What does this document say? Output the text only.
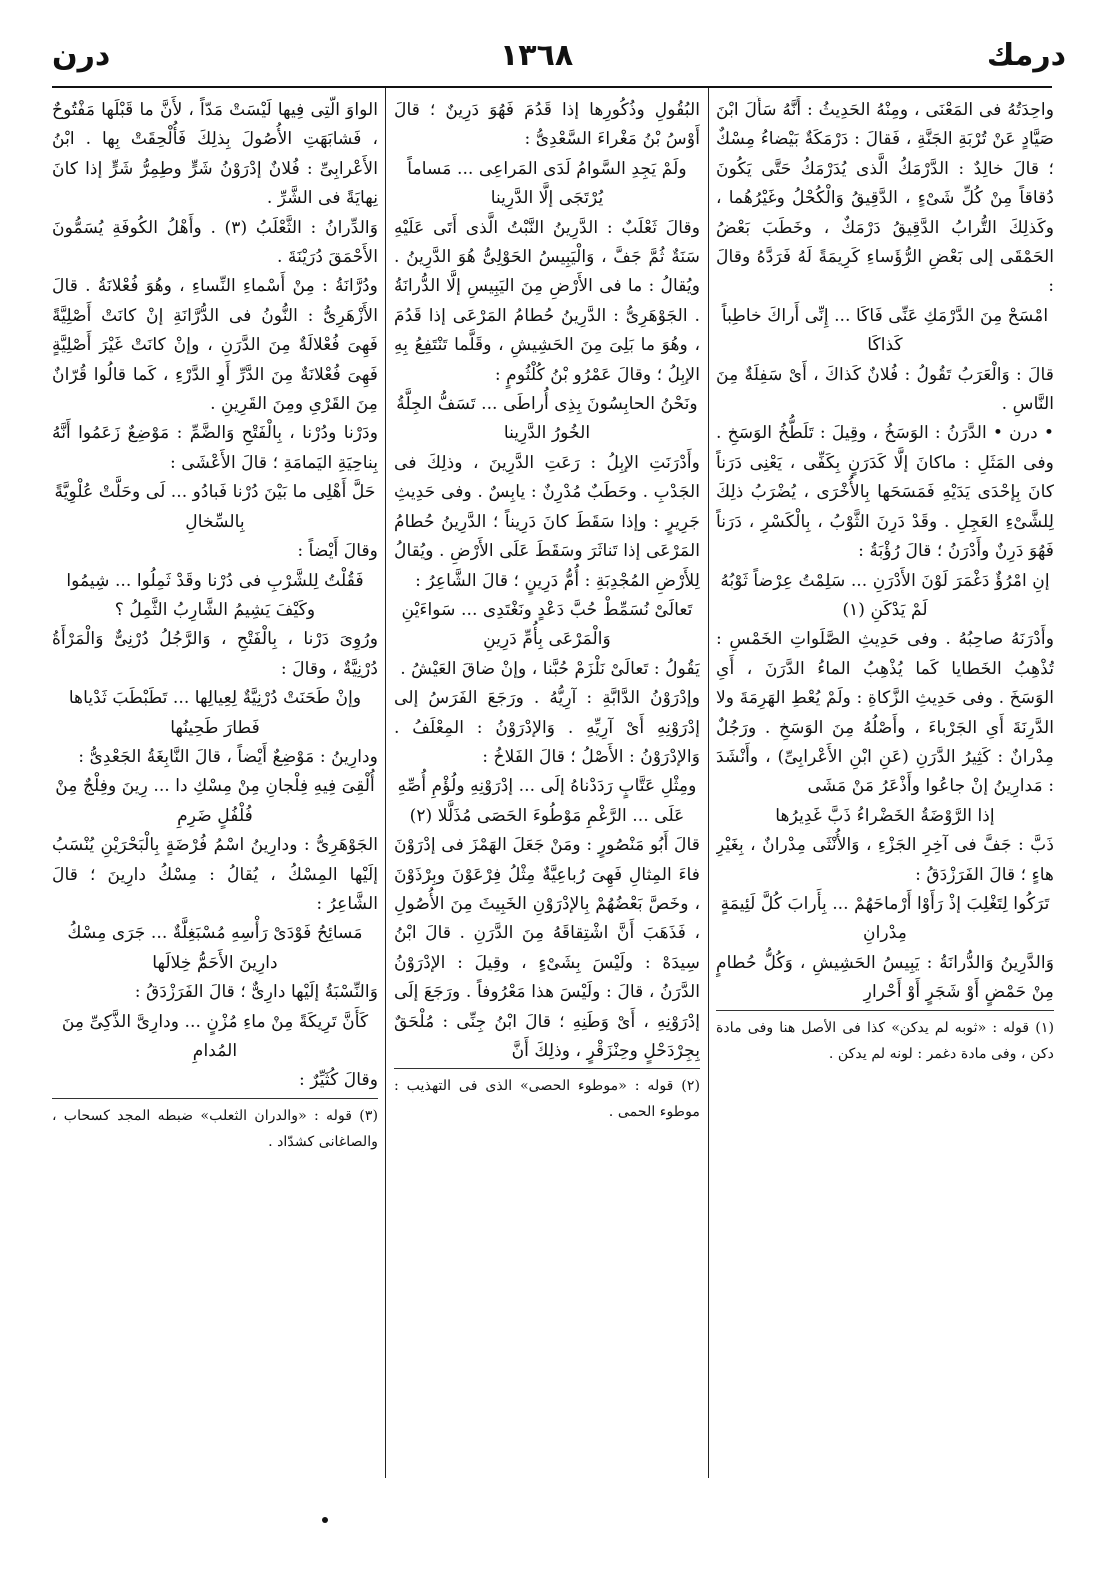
درن	١٣٦٨	درمك

واحِدَتُهُ فى المَعْنَى ، ومِنْهُ الحَدِيثُ : أَنَّهُ سَأَلَ ابْنَ صَيَّادٍ عَنْ تُرْبَةِ الجَنَّةِ ، فَقالَ : دَرْمَكَةٌ بَيْضاءُ مِسْكٌ ؛ قالَ خالِدٌ : الدَّرْمَكُ الَّذى يُدَرْمَكُ حَتَّى يَكُونَ دُقاقاً مِنْ كُلِّ شَىْءٍ ، الدَّقِيقُ وَالْكُحْلُ وغَيْرُهُما ، وكَذلِكَ التُّرابُ الدَّقِيقُ دَرْمَكٌ ، وخَطَبَ بَعْضُ الحَمْقَى إلى بَعْضِ الرُّؤَساءِ كَرِيمَةً لَهُ فَرَدَّهُ وقالَ :

امْسَحْ مِنَ الدَّرْمَكِ عَنِّى فَاكَا ... إِنِّى أَراكَ خاطِباً كَذاكَا

قالَ : وَالْعَرَبُ تَقُولُ : فُلانٌ كَذاكَ ، أَىْ سَفِلَةٌ مِنَ النَّاسِ .

• درن • الدَّرَنُ : الوَسَخُ ، وقِيلَ : تَلَطُّخُ الوَسَخِ . وفى المَثَلِ : ماكانَ إلَّا كَدَرَنٍ بِكَفِّى ، يَعْنِى دَرَناً كانَ بِإحْدَى يَدَيْهِ فَمَسَحَها بِالأُخْرَى ، يُضْرَبُ ذلِكَ لِلشَّىْءِ العَجِلِ . وقَدْ دَرِنَ الثَّوْبُ ، بِالْكَسْرِ ، دَرَناً فَهُوَ دَرِنٌ وأَدْرَنُ ؛ قالَ رُؤْبَةُ :

إنِ امْرُؤٌ دَغْمَرَ لَوْنَ الأَدْرَنِ ... سَلِمْتُ عِرْضاً ثَوْبُهُ لَمْ يَدْكَنِ (١)

وأَدْرَنَهُ صاحِبُهُ . وفى حَدِيثِ الصَّلَواتِ الخَمْسِ : تُذْهِبُ الخَطايا كَما يُذْهِبُ الماءُ الدَّرَنَ ، أَىِ الوَسَخَ . وفى حَدِيثِ الزَّكاةِ : ولَمْ يُعْطِ الهَرِمَةَ ولا الدَّرِنَةَ أَىِ الجَرْباءَ ، وأَصْلُهُ مِنَ الوَسَخِ . ورَجُلٌ مِدْرانٌ : كَثِيرُ الدَّرَنِ (عَنِ ابْنِ الأَعْرابِىِّ) ، وأَنْشَدَ : مَدارِينُ إنْ جاعُوا وأَذْعَرُ مَنْ مَشَى

إذا الرَّوْضَةُ الخَضْراءُ ذَبَّ غَدِيرُها

ذَبَّ : جَفَّ فى آخِرِ الجَزْءِ ، وَالأُنْثَى مِدْرانٌ ، بِغَيْرِ هاءٍ ؛ قالَ الفَرَزْدَقُ :

تَرَكُوا لِتَغْلِبَ إذْ رَأَوْا أَرْماحَهُمْ ... بِأَرابَ كُلَّ لَئِيمَةٍ مِدْرانِ

وَالدَّرِينُ وَالدُّرانَةُ : يَبِيسُ الحَشِيشِ ، وَكُلُّ حُطامٍ مِنْ حَمْضٍ أَوْ شَجَرٍ أَوْ أَحْرارِ

(١) قوله : «ثوبه لم يدكن» كذا فى الأصل هنا وفى مادة دكن ، وفى مادة دغمر : لونه لم يدكن .

البُقُولِ وذُكُورِها إذا قَدُمَ فَهُوَ دَرِينٌ ؛ قالَ أَوْسُ بْنُ مَغْراءَ السَّعْدِىُّ :

ولَمْ يَجِدِ السَّوامُ لَدَى المَراعِى ... مَساماً يُرْتَجَى إلَّا الدَّرِينا

وقالَ ثَعْلَبٌ : الدَّرِينُ النَّبْتُ الَّذى أَتَى عَلَيْهِ سَنَةٌ ثُمَّ جَفَّ ، وَالْيَبِيسُ الحَوْلِىُّ هُوَ الدَّرِينُ . ويُقالُ : ما فى الأَرْضِ مِنَ اليَبِيسِ إلَّا الدُّرانَةُ . الجَوْهَرِىُّ : الدَّرِينُ حُطامُ المَرْعَى إذا قَدُمَ ، وهُوَ ما بَلِىَ مِنَ الحَشِيشِ ، وقَلَّما تَنْتَفِعُ بِهِ الإبِلُ ؛ وقالَ عَمْرُو بْنُ كُلْثُومٍ :

ونَحْنُ الحابِسُونَ بِذِى أُراطَى ... تَسَفُّ الجِلَّةُ الخُورُ الدَّرِينا

وأَدْرَنَتِ الإبِلُ : رَعَتِ الدَّرِينَ ، وذلِكَ فى الجَدْبِ . وحَطَبٌ مُدْرِنٌ : يابِسٌ . وفى حَدِيثِ جَرِيرٍ : وإذا سَقَطَ كانَ دَرِيناً ؛ الدَّرِينُ حُطامُ المَرْعَى إذا تَناثَرَ وسَقَطَ عَلَى الأَرْضِ . ويُقالُ لِلأَرْضِ المُجْدِبَةِ : أُمُّ دَرِينٍ ؛ قالَ الشَّاعِرُ :

تَعالَىْ نُسَمِّطْ حُبَّ دَعْدٍ ونَغْتَدِى ... سَواءَيْنِ وَالْمَرْعَى بِأُمِّ دَرِينِ

يَقُولُ : تَعالَىْ نَلْزَمْ حُبَّنا ، وإنْ ضاقَ العَيْشُ .

وإدْرَوْنُ الدَّابَّةِ : آرِيُّهُ . ورَجَعَ الفَرَسُ إلى إدْرَوْنِهِ أَىْ آرِيِّهِ . وَالإدْرَوْنُ : المِعْلَفُ . وَالإدْرَوْنُ : الأَصْلُ ؛ قالَ الفَلاخُ :

ومِثْلِ عَتَّابٍ رَدَدْناهُ إلَى ... إدْرَوْنِهِ ولُؤْمِ أُصِّهِ عَلَى ... الرَّغْمِ مَوْطُوءَ الحَصَى مُذَلَّلا (٢)

قالَ أَبُو مَنْصُورٍ : ومَنْ جَعَلَ الهَمْزَ فى إدْرَوْنَ فاءَ المِثالِ فَهِىَ رُباعِيَّةٌ مِثْلُ فِرْعَوْنَ وبِرْذَوْنَ ، وخَصَّ بَعْضُهُمْ بِالإدْرَوْنِ الخَبِيثَ مِنَ الأُصُولِ ، فَذَهَبَ أَنَّ اشْتِقاقَهُ مِنَ الدَّرَنِ . قالَ ابْنُ سِيدَهْ : ولَيْسَ بِشَىْءٍ ، وقِيلَ : الإدْرَوْنُ الدَّرَنُ ، قالَ : ولَيْسَ هذا مَعْرُوفاً . ورَجَعَ إلَى إدْرَوْنِهِ ، أَىْ وَطَنِهِ ؛ قالَ ابْنُ جِنِّى : مُلْحَقٌ بِجِرْدَحْلٍ وحِنْزَقْرٍ ، وذلِكَ أَنَّ

(٢) قوله : «موطوء الحصى» الذى فى التهذيب : موطوء الحمى .

الواوَ الَّتِى فِيها لَيْسَتْ مَدّاً ، لأَنَّ ما قَبْلَها مَفْتُوحٌ ، فَشابَهَتِ الأُصُولَ بِذلِكَ فَأُلْحِقَتْ بِها . ابْنُ الأَعْرابِىِّ : فُلانٌ إدْرَوْنُ شَرٍّ وطِمِرُّ شَرٍّ إذا كانَ نِهايَةً فى الشَّرِّ .

وَالدِّرانُ : الثَّعْلَبُ (٣) . وأَهْلُ الكُوفَةِ يُسَمُّونَ الأَحْمَقَ دُرَيْنَةَ .

ودُرَّانَةُ : مِنْ أَسْماءِ النِّساءِ ، وهُوَ فُعْلانَةُ . قالَ الأَزْهَرِىُّ : النُّونُ فى الدُّرَّانَةِ إنْ كانَتْ أَصْلِيَّةً فَهِىَ فُعْلالَةٌ مِنَ الدَّرَنِ ، وإنْ كانَتْ غَيْرَ أَصْلِيَّةٍ فَهِىَ فُعْلانَةٌ مِنَ الدَّرِّ أَوِ الدَّرْءِ ، كَما قالُوا قُرّانٌ مِنَ القَرْىِ ومِنَ القَرِينِ .

ودَرْنا ودُرْنا ، بِالْفَتْحِ وَالضَّمِّ : مَوْضِعٌ زَعَمُوا أَنَّهُ بِناحِيَةِ اليَمامَةِ ؛ قالَ الأَعْشَى :

حَلَّ أَهْلِى ما بَيْنَ دُرْنا فَبادُو ... لَى وحَلَّتْ عُلْوِيَّةً بِالسِّخالِ

وقالَ أَيْضاً :

فَقُلْتُ لِلشَّرْبِ فى دُرْنا وقَدْ ثَمِلُوا ... شِيمُوا وكَيْفَ يَشِيمُ الشَّارِبُ الثَّمِلُ ؟

ورُوِىَ دَرْنا ، بِالْفَتْحِ ، وَالرَّجُلُ دُرْنِىٌّ وَالْمَرْأَةُ دُرْنِيَّةٌ ، وقالَ :

وإنْ طَحَنَتْ دُرْنِيَّةٌ لِعِيالِها ... تَطَبْطَبَ ثَدْياها فَطارَ طَحِينُها

ودارِينُ : مَوْضِعٌ أَيْضاً ، قالَ النَّابِغَةُ الجَعْدِىُّ :

أُلْقِىَ فِيهِ فِلْجانِ مِنْ مِسْكِ دا ... رِينَ وفِلْجٌ مِنْ فُلْفُلٍ ضَرِمِ

الجَوْهَرِىُّ : ودارِينُ اسْمُ فُرْضَةٍ بِالْبَحْرَيْنِ يُنْسَبُ إلَيْها المِسْكُ ، يُقالُ : مِسْكُ دارِينَ ؛ قالَ الشَّاعِرُ :

مَسائِحُ فَوْدَىْ رَأْسِهِ مُسْبَغِلَّةٌ ... جَرَى مِسْكُ دارِينَ الأَحَمُّ خِلالَها

وَالنِّسْبَةُ إلَيْها دارِىٌّ ؛ قالَ الفَرَزْدَقُ :

كَأَنَّ تَرِيكَةً مِنْ ماءِ مُزْنٍ ... ودارِىَّ الذَّكِىِّ مِنَ المُدامِ

وقالَ كُثَيِّرٌ :

(٣) قوله : «والدران الثعلب» ضبطه المجد كسحاب ، والصاغانى كشدّاد .
